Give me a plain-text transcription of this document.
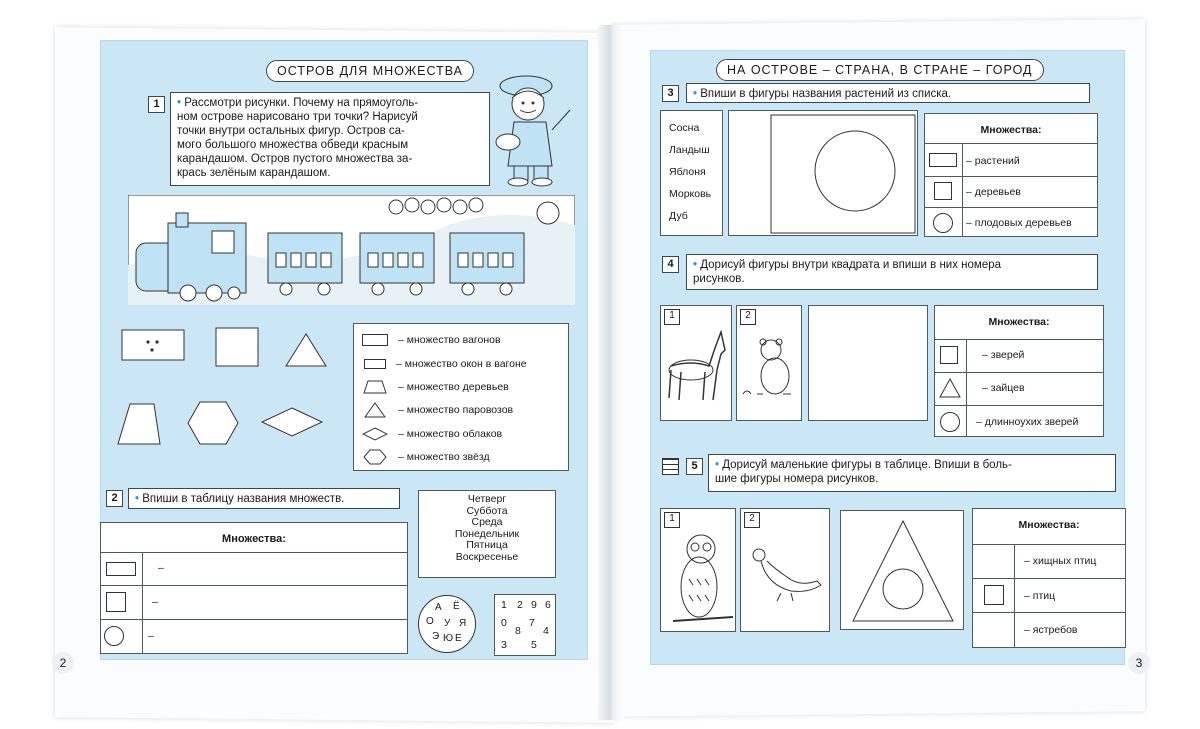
ОСТРОВ ДЛЯ МНОЖЕСТВА
1	• Рассмотри рисунки. Почему на прямоуголь-
ном острове нарисовано три точки? Нарисуй
точки внутри остальных фигур. Остров са-
мого большого множества обведи красным
карандашом. Остров пустого множества за-
крась зелёным карандашом.
– множество вагонов
– множество окон в вагоне
– множество деревьев
– множество паровозов
– множество облаков
– множество звёзд
2	• Впиши в таблицу названия множеств.
Множества:
–
–
–
Четверг
Суббота
Среда
Понедельник
Пятница
Воскресенье
А Ё
О У Я
Э Ю Е
1 2 9 6
0 7
8 4
3 5
2
НА ОСТРОВЕ – СТРАНА, В СТРАНЕ – ГОРОД
3	• Впиши в фигуры названия растений из списка.
Сосна
Ландыш
Яблоня
Морковь
Дуб
Множества:
– растений
– деревьев
– плодовых деревьев
4	• Дорисуй фигуры внутри квадрата и впиши в них номера
рисунков.
1	2
Множества:
– зверей
– зайцев
– длинноухих зверей
5	• Дорисуй маленькие фигуры в таблице. Впиши в боль-
шие фигуры номера рисунков.
1	2
Множества:
– хищных птиц
– птиц
– ястребов
3
